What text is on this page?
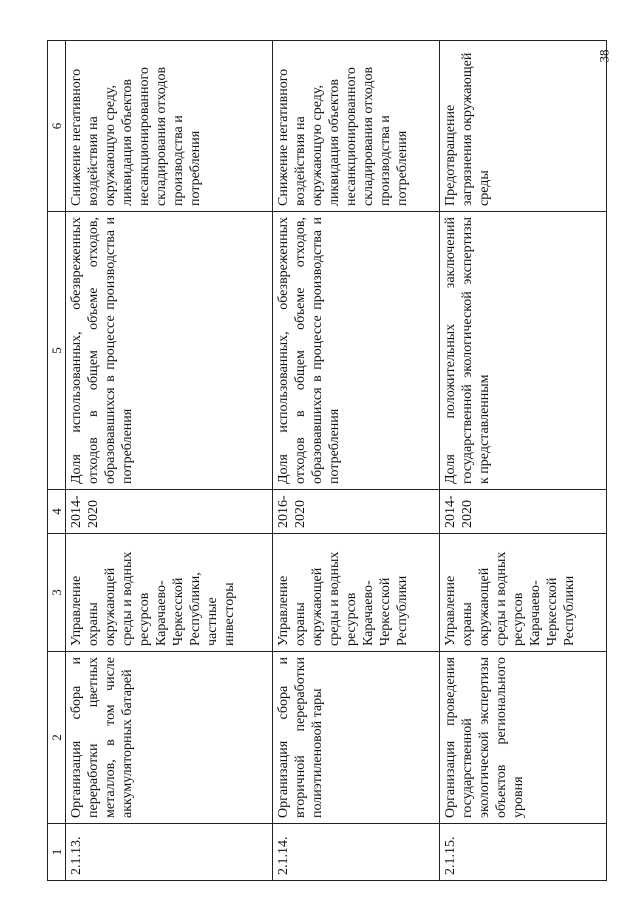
38
1	2	3	4	5	6
2.1.13.	Организация сбора и переработки цветных металлов, в том числе аккумуляторных батарей	Управление охраны окружающей среды и водных ресурсов Карачаево-Черкесской Республики, частные инвесторы	2014-2020	Доля использованных, обезвреженных отходов в общем объеме отходов, образовавшихся в процессе производства и потребления	Снижение негативного воздействия на окружающую среду, ликвидация объектов несанкционированного складирования отходов производства и потребления
2.1.14.	Организация сбора и вторичной переработки полиэтиленовой тары	Управление охраны окружающей среды и водных ресурсов Карачаево-Черкесской Республики	2016-2020	Доля использованных, обезвреженных отходов в общем объеме отходов, образовавшихся в процессе производства и потребления	Снижение негативного воздействия на окружающую среду, ликвидация объектов несанкционированного складирования отходов производства и потребления
2.1.15.	Организация проведения государственной экологической экспертизы объектов регионального уровня	Управление охраны окружающей среды и водных ресурсов Карачаево-Черкесской Республики	2014-2020	Доля положительных заключений государственной экологической экспертизы к представленным	Предотвращение загрязнения окружающей среды
